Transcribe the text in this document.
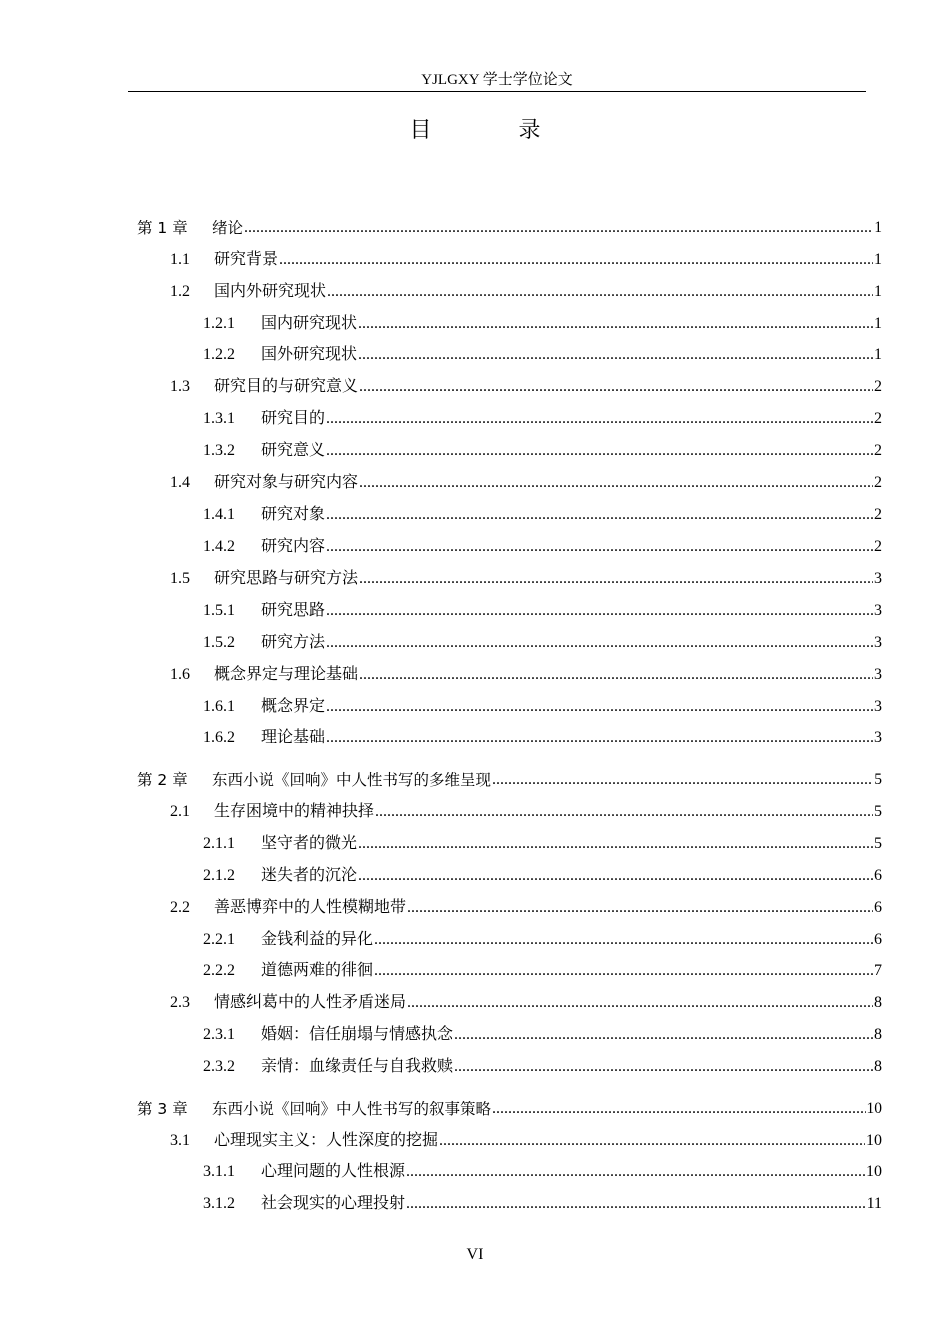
YJLGXY 学士学位论文
目 录
第 1 章	绪论 .....	1
1.1	研究背景 .....	1
1.2	国内外研究现状 .....	1
1.2.1	国内研究现状 .....	1
1.2.2	国外研究现状 .....	1
1.3	研究目的与研究意义 .....	2
1.3.1	研究目的 .....	2
1.3.2	研究意义 .....	2
1.4	研究对象与研究内容 .....	2
1.4.1	研究对象 .....	2
1.4.2	研究内容 .....	2
1.5	研究思路与研究方法 .....	3
1.5.1	研究思路 .....	3
1.5.2	研究方法 .....	3
1.6	概念界定与理论基础 .....	3
1.6.1	概念界定 .....	3
1.6.2	理论基础 .....	3
第 2 章	东西小说《回响》中人性书写的多维呈现 .....	5
2.1	生存困境中的精神抉择 .....	5
2.1.1	坚守者的微光 .....	5
2.1.2	迷失者的沉沦 .....	6
2.2	善恶博弈中的人性模糊地带 .....	6
2.2.1	金钱利益的异化 .....	6
2.2.2	道德两难的徘徊 .....	7
2.3	情感纠葛中的人性矛盾迷局 .....	8
2.3.1	婚姻：信任崩塌与情感执念 .....	8
2.3.2	亲情：血缘责任与自我救赎 .....	8
第 3 章	东西小说《回响》中人性书写的叙事策略 .....	10
3.1	心理现实主义：人性深度的挖掘 .....	10
3.1.1	心理问题的人性根源 .....	10
3.1.2	社会现实的心理投射 .....	11
VI
